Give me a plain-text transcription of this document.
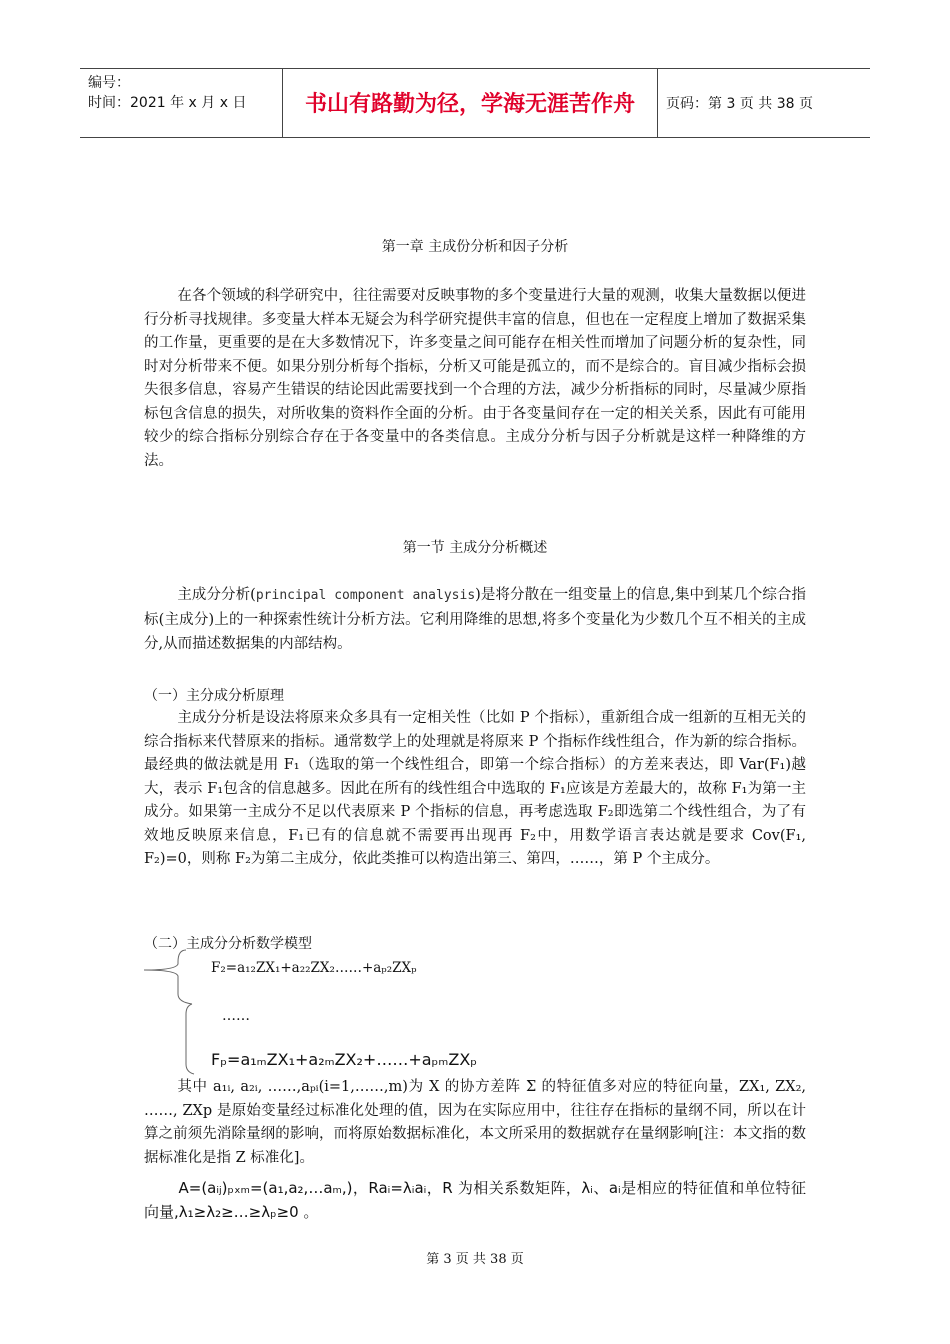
编号：
时间：2021 年 x 月 x 日	书山有路勤为径，学海无涯苦作舟	页码：第 3 页 共 38 页
第一章 主成份分析和因子分析

在各个领域的科学研究中，往往需要对反映事物的多个变量进行大量的观测，收集大量数据以便进行分析寻找规律。多变量大样本无疑会为科学研究提供丰富的信息，但也在一定程度上增加了数据采集的工作量，更重要的是在大多数情况下，许多变量之间可能存在相关性而增加了问题分析的复杂性，同时对分析带来不便。如果分别分析每个指标，分析又可能是孤立的，而不是综合的。盲目减少指标会损失很多信息，容易产生错误的结论因此需要找到一个合理的方法，减少分析指标的同时，尽量减少原指标包含信息的损失，对所收集的资料作全面的分析。由于各变量间存在一定的相关关系，因此有可能用较少的综合指标分别综合存在于各变量中的各类信息。主成分分析与因子分析就是这样一种降维的方法。

第一节 主成分分析概述

主成分分析(principal component analysis)是将分散在一组变量上的信息,集中到某几个综合指标(主成分)上的一种探索性统计分析方法。它利用降维的思想,将多个变量化为少数几个互不相关的主成分,从而描述数据集的内部结构。

（一）主分成分析原理

主成分分析是设法将原来众多具有一定相关性（比如 P 个指标），重新组合成一组新的互相无关的综合指标来代替原来的指标。通常数学上的处理就是将原来 P 个指标作线性组合，作为新的综合指标。最经典的做法就是用 F₁（选取的第一个线性组合，即第一个综合指标）的方差来表达，即 Var(F₁)越大，表示 F₁包含的信息越多。因此在所有的线性组合中选取的 F₁应该是方差最大的，故称 F₁为第一主成分。如果第一主成分不足以代表原来 P 个指标的信息，再考虑选取 F₂即选第二个线性组合，为了有效地反映原来信息，F₁已有的信息就不需要再出现再 F₂中，用数学语言表达就是要求 Cov(F₁, F₂)=0，则称 F₂为第二主成分，依此类推可以构造出第三、第四，……，第 P 个主成分。

（二）主成分分析数学模型
F₂=a₁₂ZX₁+a₂₂ZX₂……+aₚ₂ZXₚ
……
Fₚ=a₁ₘZX₁+a₂ₘZX₂+……+aₚₘZXₚ

其中 a₁ᵢ, a₂ᵢ, ……,aₚᵢ(i=1,……,m)为 X 的协方差阵 Σ 的特征值多对应的特征向量，ZX₁, ZX₂, ……, ZXp 是原始变量经过标准化处理的值，因为在实际应用中，往往存在指标的量纲不同，所以在计算之前须先消除量纲的影响，而将原始数据标准化，本文所采用的数据就存在量纲影响[注：本文指的数据标准化是指 Z 标准化]。

A=(aᵢⱼ)ₚₓₘ=(a₁,a₂,…aₘ,)，Raᵢ=λᵢaᵢ，R 为相关系数矩阵，λᵢ、aᵢ是相应的特征值和单位特征向量,λ₁≥λ₂≥…≥λₚ≥0 。

第 3 页 共 38 页
